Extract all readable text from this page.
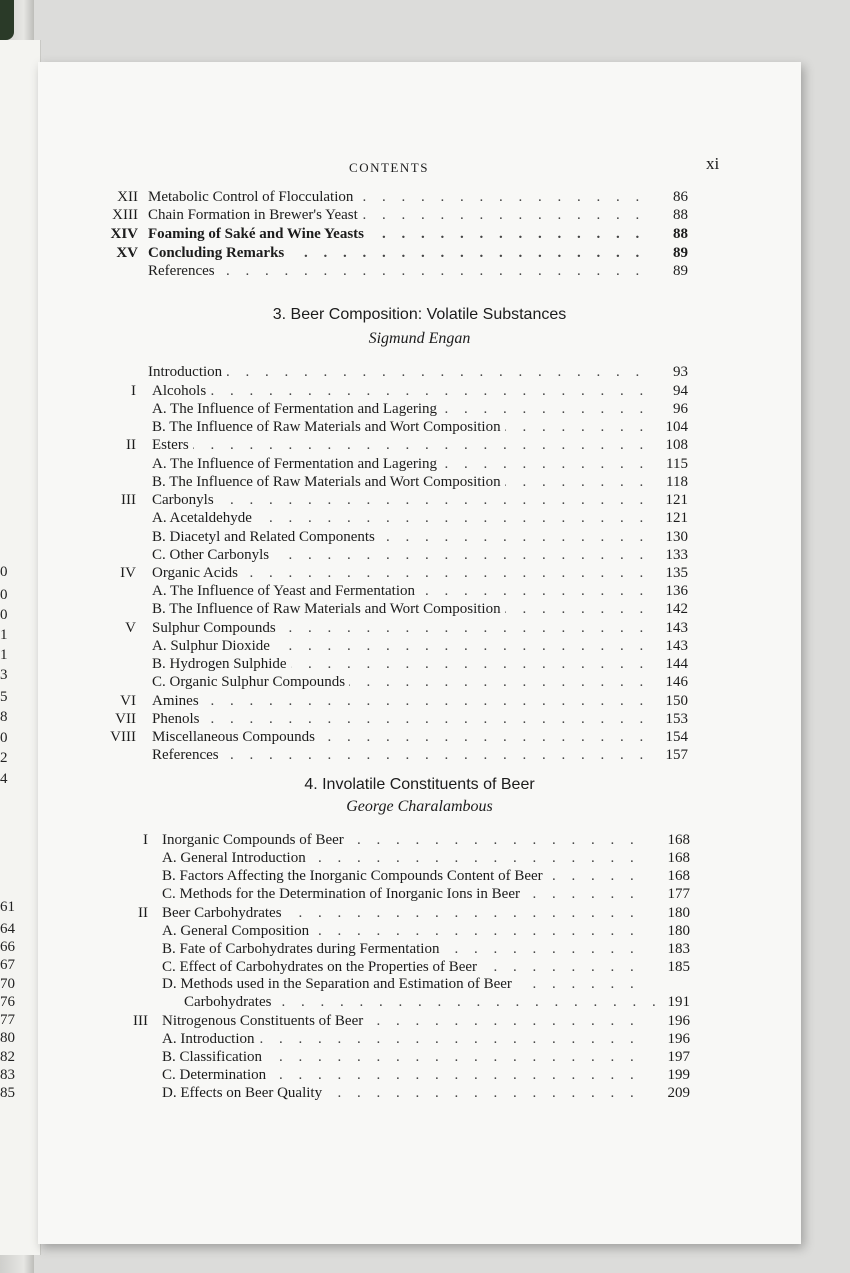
0
0
0
1
1
3
5
8
0
2
4
61
64
66
67
70
76
77
80
82
83
85
CONTENTS	xi
3. Beer Composition: Volatile Substances
Sigmund Engan
4. Involatile Constituents of Beer
George Charalambous
XII Metabolic Control of Flocculation . . .	86
XIII Chain Formation in Brewer's Yeast . . .	88
XIV Foaming of Saké and Wine Yeasts . . .	88
XV Concluding Remarks . . .	89
References . . .	89
Introduction . . .	93
I Alcohols . . .	94
A. The Influence of Fermentation and Lagering . . .	96
B. The Influence of Raw Materials and Wort Composition . . .	104
II Esters . . .	108
A. The Influence of Fermentation and Lagering . . .	115
B. The Influence of Raw Materials and Wort Composition . . .	118
III Carbonyls . . .	121
A. Acetaldehyde . . .	121
B. Diacetyl and Related Components . . .	130
C. Other Carbonyls . . .	133
IV Organic Acids . . .	135
A. The Influence of Yeast and Fermentation . . .	136
B. The Influence of Raw Materials and Wort Composition . . .	142
V Sulphur Compounds . . .	143
A. Sulphur Dioxide . . .	143
B. Hydrogen Sulphide . . .	144
C. Organic Sulphur Compounds . . .	146
VI Amines . . .	150
VII Phenols . . .	153
VIII Miscellaneous Compounds . . .	154
References . . .	157
I Inorganic Compounds of Beer . . .	168
A. General Introduction . . .	168
B. Factors Affecting the Inorganic Compounds Content of Beer . . .	168
C. Methods for the Determination of Inorganic Ions in Beer . . .	177
II Beer Carbohydrates . . .	180
A. General Composition . . .	180
B. Fate of Carbohydrates during Fermentation . . .	183
C. Effect of Carbohydrates on the Properties of Beer . . .	185
D. Methods used in the Separation and Estimation of Beer . . .
Carbohydrates . . .	191
III Nitrogenous Constituents of Beer . . .	196
A. Introduction . . .	196
B. Classification . . .	197
C. Determination . . .	199
D. Effects on Beer Quality . . .	209
